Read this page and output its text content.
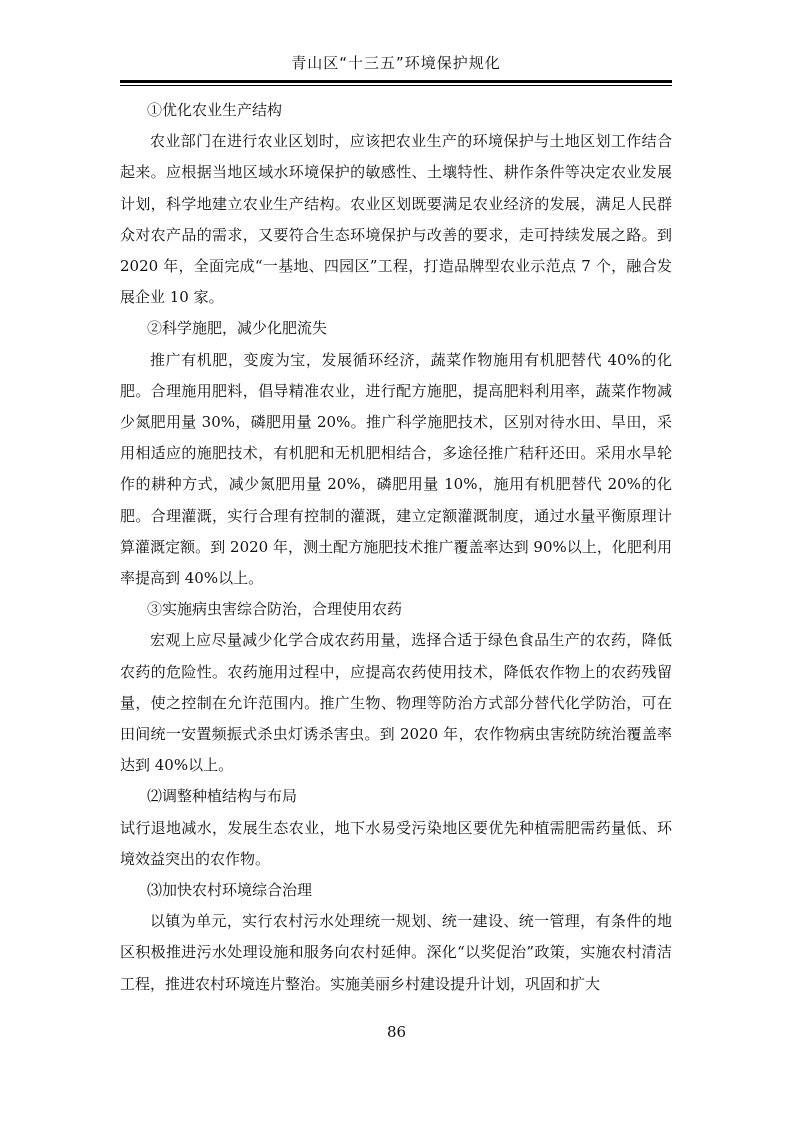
青山区“十三五”环境保护规化

①优化农业生产结构

农业部门在进行农业区划时，应该把农业生产的环境保护与土地区划工作结合起来。应根据当地区域水环境保护的敏感性、土壤特性、耕作条件等决定农业发展计划，科学地建立农业生产结构。农业区划既要满足农业经济的发展，满足人民群众对农产品的需求，又要符合生态环境保护与改善的要求，走可持续发展之路。到 2020 年，全面完成“一基地、四园区”工程，打造品牌型农业示范点 7 个，融合发展企业 10 家。

②科学施肥，减少化肥流失

推广有机肥，变废为宝，发展循环经济，蔬菜作物施用有机肥替代 40%的化肥。合理施用肥料，倡导精准农业，进行配方施肥，提高肥料利用率，蔬菜作物减少氮肥用量 30%，磷肥用量 20%。推广科学施肥技术，区别对待水田、旱田，采用相适应的施肥技术，有机肥和无机肥相结合，多途径推广秸秆还田。采用水旱轮作的耕种方式，减少氮肥用量 20%，磷肥用量 10%，施用有机肥替代 20%的化肥。合理灌溉，实行合理有控制的灌溉，建立定额灌溉制度，通过水量平衡原理计算灌溉定额。到 2020 年，测土配方施肥技术推广覆盖率达到 90%以上，化肥利用率提高到 40%以上。

③实施病虫害综合防治，合理使用农药

宏观上应尽量减少化学合成农药用量，选择合适于绿色食品生产的农药，降低农药的危险性。农药施用过程中，应提高农药使用技术，降低农作物上的农药残留量，使之控制在允许范围内。推广生物、物理等防治方式部分替代化学防治，可在田间统一安置频振式杀虫灯诱杀害虫。到 2020 年，农作物病虫害统防统治覆盖率达到 40%以上。

⑵调整种植结构与布局

试行退地减水，发展生态农业，地下水易受污染地区要优先种植需肥需药量低、环境效益突出的农作物。

⑶加快农村环境综合治理

以镇为单元，实行农村污水处理统一规划、统一建设、统一管理，有条件的地区积极推进污水处理设施和服务向农村延伸。深化“以奖促治”政策，实施农村清洁工程，推进农村环境连片整治。实施美丽乡村建设提升计划，巩固和扩大

86
